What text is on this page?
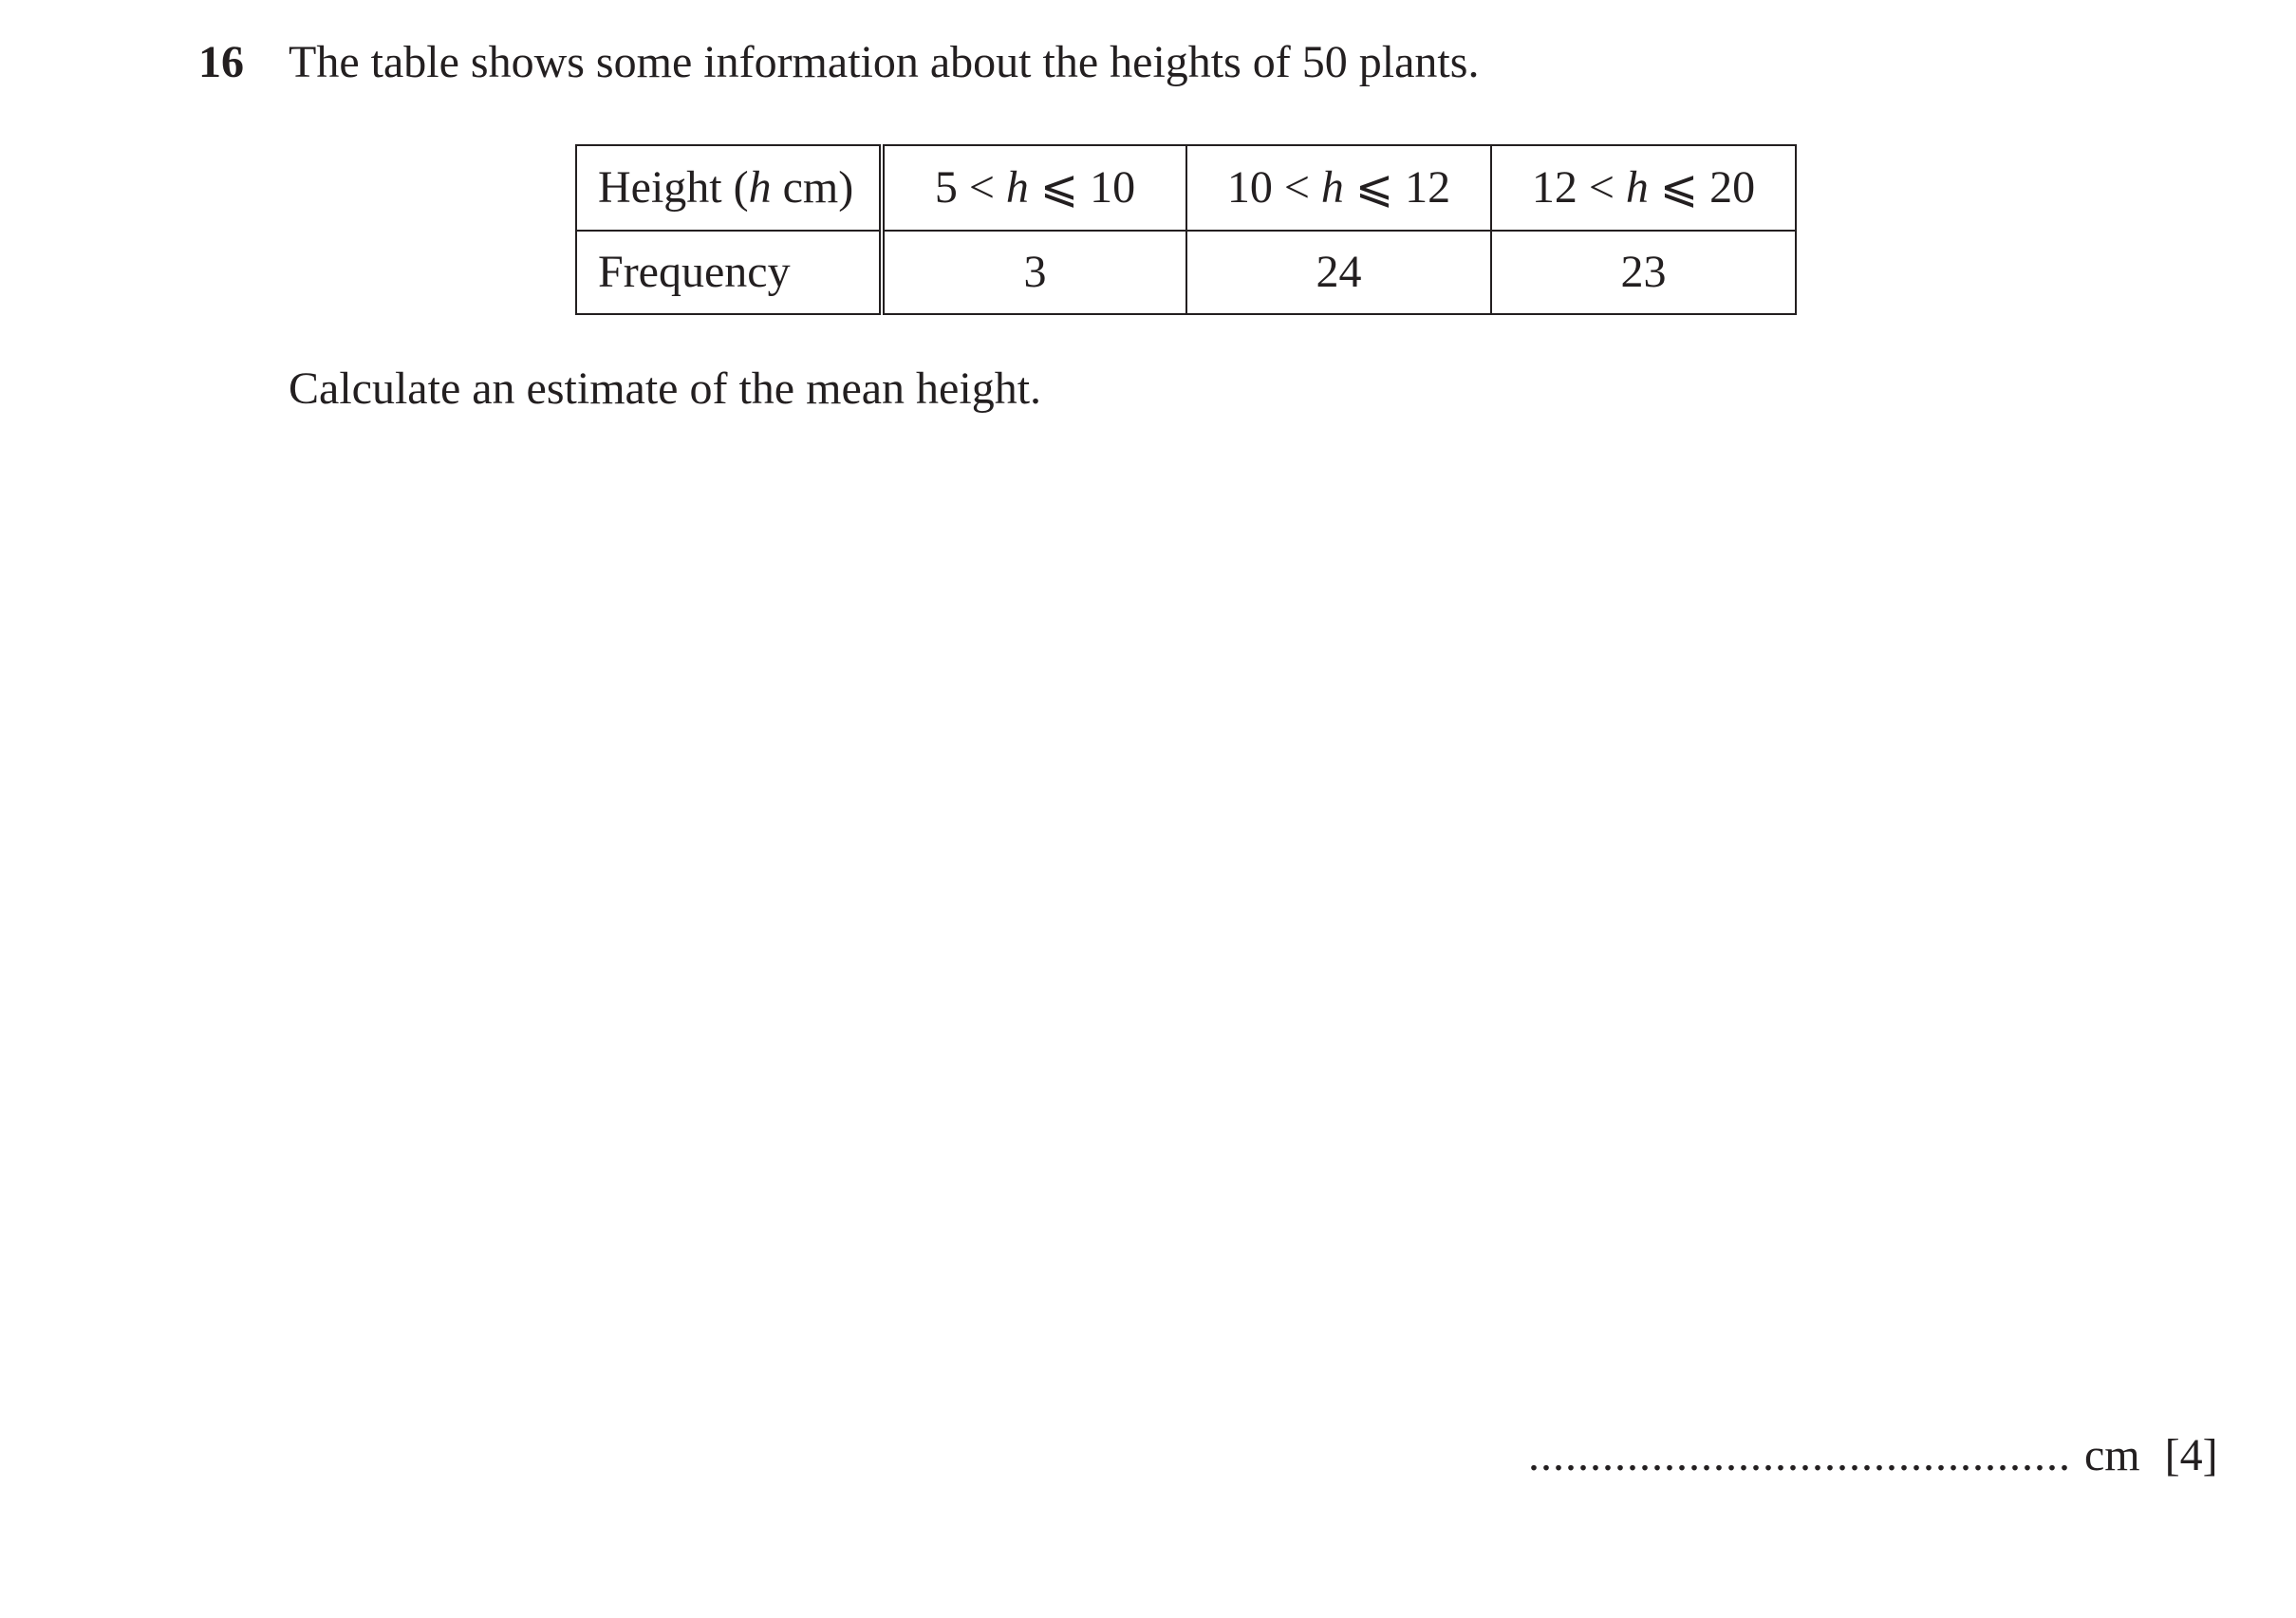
16 The table shows some information about the heights of 50 plants.
Height (h cm)	5 < h ⩽ 10	10 < h ⩽ 12	12 < h ⩽ 20
Frequency	3	24	23
Calculate an estimate of the mean height.
............................................ cm [4]
